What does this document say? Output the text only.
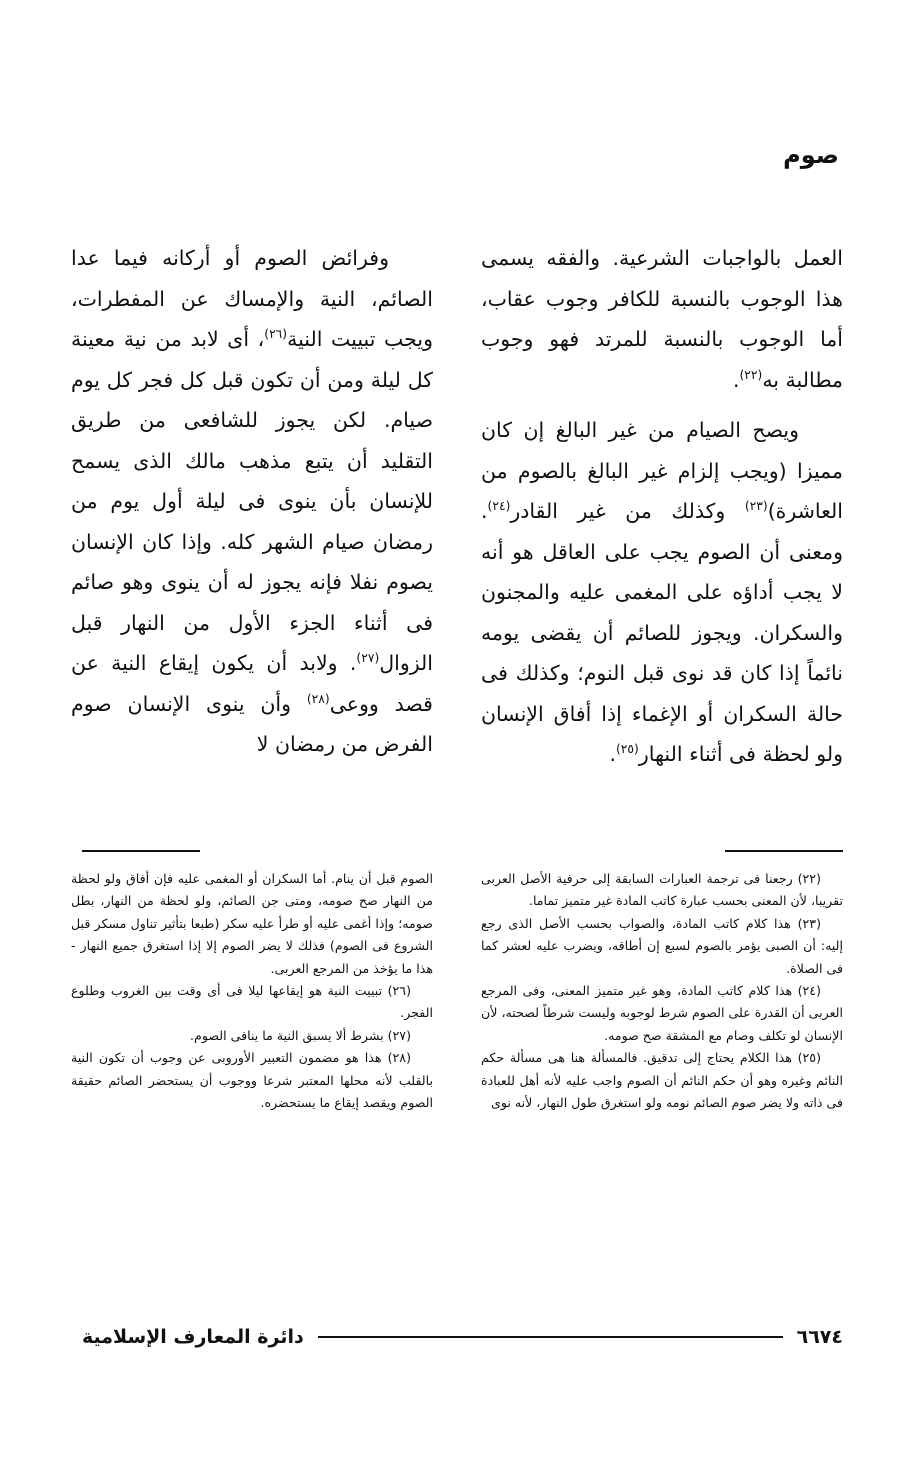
صوم

العمل بالواجبات الشرعية. والفقه يسمى هذا الوجوب بالنسبة للكافر وجوب عقاب، أما الوجوب بالنسبة للمرتد فهو وجوب مطالبة به$^{(٢٢)}$.

ويصح الصيام من غير البالغ إن كان مميزا (ويجب إلزام غير البالغ بالصوم من العاشرة)$^{(٢٣)}$ وكذلك من غير القادر$^{(٢٤)}$. ومعنى أن الصوم يجب على العاقل هو أنه لا يجب أداؤه على المغمى عليه والمجنون والسكران. ويجوز للصائم أن يقضى يومه نائماً إذا كان قد نوى قبل النوم؛ وكذلك فى حالة السكران أو الإغماء إذا أفاق الإنسان ولو لحظة فى أثناء النهار$^{(٢٥)}$.

وفرائض الصوم أو أركانه فيما عدا الصائم، النية والإمساك عن المفطرات، ويجب تبييت النية$^{(٢٦)}$، أى لابد من نية معينة كل ليلة ومن أن تكون قبل كل فجر كل يوم صيام. لكن يجوز للشافعى من طريق التقليد أن يتبع مذهب مالك الذى يسمح للإنسان بأن ينوى فى ليلة أول يوم من رمضان صيام الشهر كله. وإذا كان الإنسان يصوم نفلا فإنه يجوز له أن ينوى وهو صائم فى أثناء الجزء الأول من النهار قبل الزوال$^{(٢٧)}$. ولابد أن يكون إيقاع النية عن قصد ووعى$^{(٢٨)}$ وأن ينوى الإنسان صوم الفرض من رمضان لا

(٢٢) رجعنا فى ترجمة العبارات السابقة إلى حرفية الأصل العربى تقريبا، لأن المعنى بحسب عبارة كاتب المادة غير متميز تماما.

(٢٣) هذا كلام كاتب المادة، والصواب بحسب الأصل الذى رجع إليه: أن الصبى يؤمر بالصوم لسبع إن أطاقه، ويضرب عليه لعشر كما فى الصلاة.

(٢٤) هذا كلام كاتب المادة، وهو غير متميز المعنى، وفى المرجع العربى أن القدرة على الصوم شرط لوجوبه وليست شرطاً لصحته، لأن الإنسان لو تكلف وصام مع المشقة صح صومه.

(٢٥) هذا الكلام يحتاج إلى تدقيق. فالمسألة هنا هى مسألة حكم النائم وغيره وهو أن حكم النائم أن الصوم واجب عليه لأنه أهل للعبادة فى ذاته ولا يضر صوم الصائم نومه ولو استغرق طول النهار، لأنه نوى

الصوم قبل أن ينام. أما السكران أو المغمى عليه فإن أفاق ولو لحظة من النهار صح صومه، ومتى جن الصائم، ولو لحظة من النهار، بطل صومه؛ وإذا أغمى عليه أو طرأ عليه سكر (طبعا بتأثير تناول مسكر قبل الشروع فى الصوم) فذلك لا يضر الصوم إلا إذا استغرق جميع النهار - هذا ما يؤخذ من المرجع العربى.

(٢٦) تبييت النية هو إيقاعها ليلا فى أى وقت بين الغروب وطلوع الفجر.

(٢٧) بشرط ألا يسبق النية ما ينافى الصوم.

(٢٨) هذا هو مضمون التعبير الأوروبى عن وجوب أن تكون النية بالقلب لأنه محلها المعتبر شرعا ووجوب أن يستحضر الصائم حقيقة الصوم ويقصد إيقاع ما يستحضره.

٦٦٧٤
دائرة المعارف الإسلامية
